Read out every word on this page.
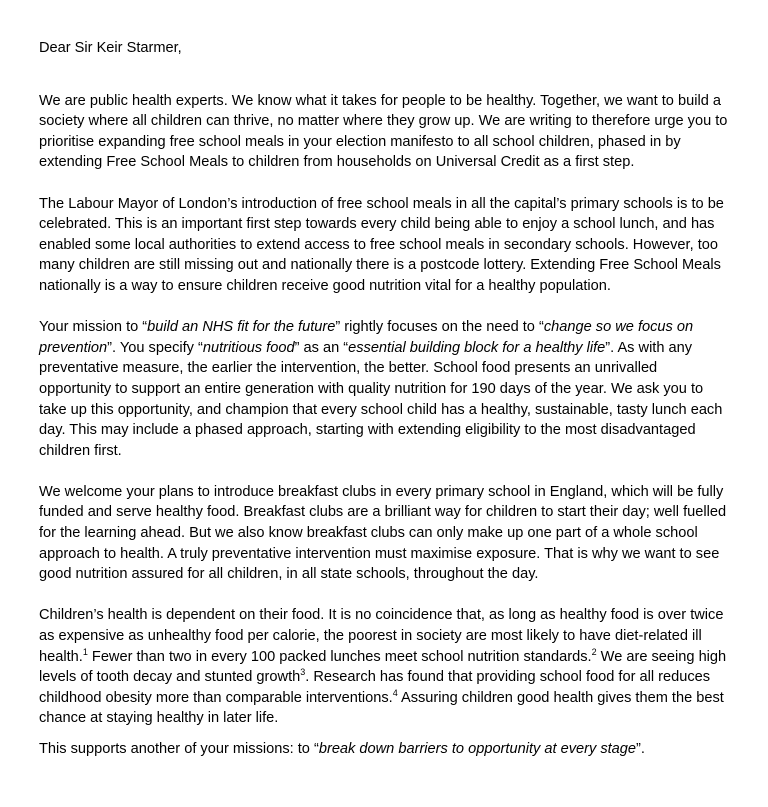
Dear Sir Keir Starmer,

We are public health experts. We know what it takes for people to be healthy. Together, we want to build a society where all children can thrive, no matter where they grow up. We are writing to therefore urge you to prioritise expanding free school meals in your election manifesto to all school children, phased in by extending Free School Meals to children from households on Universal Credit as a first step.

The Labour Mayor of London’s introduction of free school meals in all the capital’s primary schools is to be celebrated. This is an important first step towards every child being able to enjoy a school lunch, and has enabled some local authorities to extend access to free school meals in secondary schools. However, too many children are still missing out and nationally there is a postcode lottery. Extending Free School Meals nationally is a way to ensure children receive good nutrition vital for a healthy population.

Your mission to “build an NHS fit for the future” rightly focuses on the need to “change so we focus on prevention”. You specify “nutritious food” as an “essential building block for a healthy life”. As with any preventative measure, the earlier the intervention, the better. School food presents an unrivalled opportunity to support an entire generation with quality nutrition for 190 days of the year. We ask you to take up this opportunity, and champion that every school child has a healthy, sustainable, tasty lunch each day. This may include a phased approach, starting with extending eligibility to the most disadvantaged children first.

We welcome your plans to introduce breakfast clubs in every primary school in England, which will be fully funded and serve healthy food. Breakfast clubs are a brilliant way for children to start their day; well fuelled for the learning ahead. But we also know breakfast clubs can only make up one part of a whole school approach to health. A truly preventative intervention must maximise exposure. That is why we want to see good nutrition assured for all children, in all state schools, throughout the day.

Children’s health is dependent on their food. It is no coincidence that, as long as healthy food is over twice as expensive as unhealthy food per calorie, the poorest in society are most likely to have diet-related ill health.$^1$ Fewer than two in every 100 packed lunches meet school nutrition standards.$^2$ We are seeing high levels of tooth decay and stunted growth$^3$. Research has found that providing school food for all reduces childhood obesity more than comparable interventions.$^4$ Assuring children good health gives them the best chance at staying healthy in later life.

This supports another of your missions: to “break down barriers to opportunity at every stage”.
